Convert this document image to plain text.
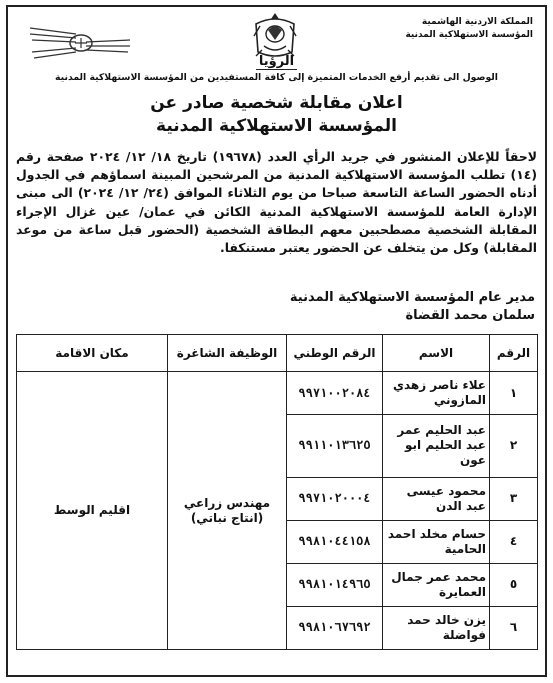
المملكة الاردنية الهاشمية
المؤسسة الاستهلاكية المدنية
الرؤيا
الوصول الى تقديم أرفع الخدمات المتميزة إلى كافة المستفيدين من المؤسسة الاستهلاكية المدنية
اعلان مقابلة شخصية صادر عن
المؤسسة الاستهلاكية المدنية
لاحقاً للإعلان المنشور في جريد الرأي العدد (١٩٦٧٨) تاريخ ١٨/ ١٢/ ٢٠٢٤ صفحة رقم (١٤) تطلب المؤسسة الاستهلاكية المدنية من المرشحين المبينة اسماؤهم في الجدول أدناه الحضور الساعة التاسعة صباحا من يوم الثلاثاء الموافق (٢٤/ ١٢/ ٢٠٢٤) الى مبنى الإدارة العامة للمؤسسة الاستهلاكية المدنية الكائن في عمان/ عين غزال الإجراء المقابلة الشخصية مصطحبين معهم البطاقة الشخصية (الحضور قبل ساعة من موعد المقابلة) وكل من يتخلف عن الحضور يعتبر مستنكفا.
مدير عام المؤسسة الاستهلاكية المدنية
سلمان محمد القضاة
الرقم	الاسم	الرقم الوطني	الوظيفة الشاغرة	مكان الاقامة
١	علاء ناصر زهدي المازوني	٩٩٧١٠٠٢٠٨٤	مهندس زراعي (انتاج نباتي)	اقليم الوسط
٢	عبد الحليم عمر عبد الحليم ابو عون	٩٩١١٠١٣٦٢٥		
٣	محمود عيسى عبد الدن	٩٩٧١٠٢٠٠٠٤		
٤	حسام مخلد احمد الحامية	٩٩٨١٠٤٤١٥٨		
٥	محمد عمر جمال العمايرة	٩٩٨١٠١٤٩٦٥		
٦	يزن خالد حمد فواضلة	٩٩٨١٠٦٧٦٩٢		
